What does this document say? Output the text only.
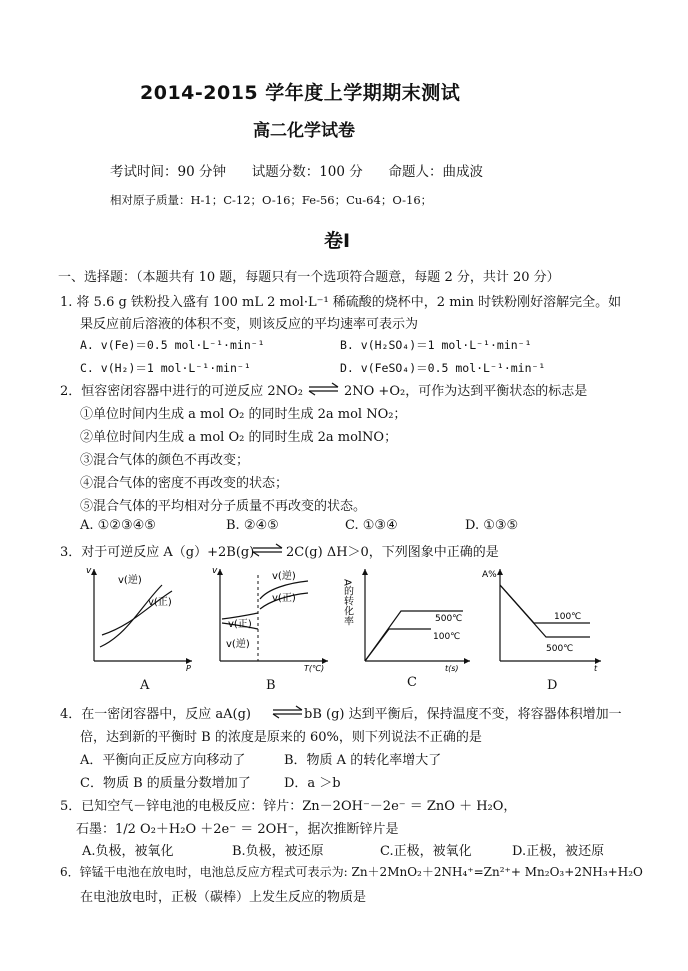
2014-2015 学年度上学期期末测试
高二化学试卷
考试时间：90 分钟      试题分数：100 分      命题人：曲成波
相对原子质量：H-1；C-12；O-16；Fe-56；Cu-64；O-16；
卷Ⅰ
一、选择题：（本题共有 10 题，每题只有一个选项符合题意，每题 2 分，共计 20 分）
1. 将 5.6 g 铁粉投入盛有 100 mL 2 mol·L⁻¹ 稀硫酸的烧杯中，2 min 时铁粉刚好溶解完全。如
果反应前后溶液的体积不变，则该反应的平均速率可表示为
A. v(Fe)＝0.5 mol·L⁻¹·min⁻¹	B. v(H₂SO₄)＝1 mol·L⁻¹·min⁻¹
C. v(H₂)＝1 mol·L⁻¹·min⁻¹	D. v(FeSO₄)＝0.5 mol·L⁻¹·min⁻¹
2．恒容密闭容器中进行的可逆反应 2NO₂ ⇌ 2NO +O₂，可作为达到平衡状态的标志是
①单位时间内生成 a mol O₂ 的同时生成 2a mol NO₂；
②单位时间内生成 a mol O₂ 的同时生成 2a molNO；
③混合气体的颜色不再改变；
④混合气体的密度不再改变的状态；
⑤混合气体的平均相对分子质量不再改变的状态。
A. ①②③④⑤	B. ②④⑤	C. ①③④	D. ①③⑤
3．对于可逆反应 A（g）+2B(g) ⇌ 2C(g) ΔH＞0，下列图象中正确的是
v
P
v(逆)
v(正)
A
v
T(℃)
v(逆)
v(正)
v(正)
v(逆)
B
A的转化率
t(s)
500℃
100℃
C
A%
t
100℃
500℃
D
4．在一密闭容器中，反应 aA(g) ⇌ bB (g) 达到平衡后，保持温度不变，将容器体积增加一
倍，达到新的平衡时 B 的浓度是原来的 60%，则下列说法不正确的是
A．平衡向正反应方向移动了	B．物质 A 的转化率增大了
C．物质 B 的质量分数增加了	D．a ＞b
5．已知空气－锌电池的电极反应：锌片：Zn－2OH⁻－2e⁻ ＝ ZnO ＋ H₂O，
石墨：1/2 O₂＋H₂O ＋2e⁻ ＝ 2OH⁻，据次推断锌片是
A.负极，被氧化	B.负极，被还原	C.正极，被氧化	D.正极，被还原
6．锌锰干电池在放电时，电池总反应方程式可表示为: Zn＋2MnO₂＋2NH₄⁺=Zn²⁺+ Mn₂O₃+2NH₃+H₂O
在电池放电时，正极（碳棒）上发生反应的物质是
